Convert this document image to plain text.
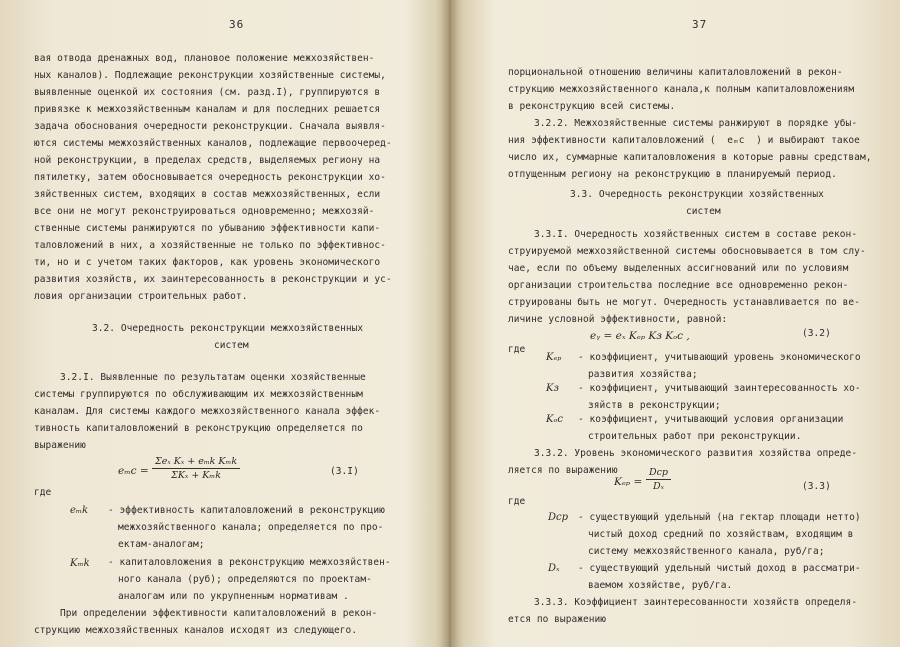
36
вая отвода дренажных вод, плановое положение межхозяйствен-
ных каналов). Подлежащие реконструкции хозяйственные системы,
выявленные оценкой их состояния (см. разд.I), группируются в
привязке к межхозяйственным каналам и для последних решается
задача обоснования очередности реконструкции. Сначала выявля-
ются системы межхозяйственных каналов, подлежащие первоочеред-
ной реконструкции, в пределах средств, выделяемых региону на
пятилетку, затем обосновывается очередность реконструкции хо-
зяйственных систем, входящих в состав межхозяйственных, если
все они не могут реконструироваться одновременно; межхозяй-
ственные системы ранжируются по убыванию эффективности капи-
таловложений в них, а хозяйственные не только по эффективнос-
ти, но и с учетом таких факторов, как уровень экономического
развития хозяйств, их заинтересованность в реконструкции и ус-
ловия организации строительных работ.
3.2. Очередность реконструкции межхозяйственных
систем
3.2.I. Выявленные по результатам оценки хозяйственные
системы группируются по обслуживающим их межхозяйственным
каналам. Для системы каждого межхозяйственного канала эффек-
тивность капиталовложений в реконструкцию определяется по
выражению
еₘc =
Σeₓ Kₓ + eₘk Kₘk
ΣKₓ + Kₘk	(3.I)
где
еₘk - эффективность капиталовложений в реконструкцию
межхозяйственного канала; определяется по про-
ектам-аналогам;
Kₘk - капиталовложения в реконструкцию межхозяйствен-
ного канала (руб); определяются по проектам-
аналогам или по укрупненным нормативам .
37
порциональной отношению величины капиталовложений в рекон-
струкцию межхозяйственного канала,к полным капиталовложениям
в реконструкцию всей системы.
3.2.2. Межхозяйственные системы ранжируют в порядке убы-
ния эффективности капиталовложений (  еₘc  ) и выбирают такое
число их, суммарные капиталовложения в которые равны средствам,
отпущенным региону на реконструкцию в планируемый период.
3.3. Очередность реконструкции хозяйственных
систем
3.3.I. Очередность хозяйственных систем в составе рекон-
струируемой межхозяйственной системы обосновывается в том слу-
чае, если по объему выделенных ассигнований или по условиям
организации строительства последние все одновременно рекон-
струированы быть не могут. Очередность устанавливается по ве-
личине условной эффективности, равной:
eᵧ = eₓ Kₑₚ Kз Kₒc ,	(3.2)
где
Kₑₚ - коэффициент, учитывающий уровень экономического
развития хозяйства;
Kз - коэффициент, учитывающий заинтересованность хо-
зяйств в реконструкции;
Kₒc - коэффициент, учитывающий условия организации
строительных работ при реконструкции.
3.3.2. Уровень экономического развития хозяйства опреде-
ляется по выражению
Kₑₚ =
Dcp
Dₓ	(3.3)
где
Dcp - существующий удельный (на гектар площади нетто)
чистый доход средний по хозяйствам, входящим в
систему межхозяйственного канала, руб/га;
Dₓ - существующий удельный чистый доход в рассматри-
ваемом хозяйстве, руб/га.
3.3.3. Коэффициент заинтересованности хозяйств определя-
ется по выражению
При определении эффективности капиталовложений в рекон-
струкцию межхозяйственных каналов исходят из следующего.
